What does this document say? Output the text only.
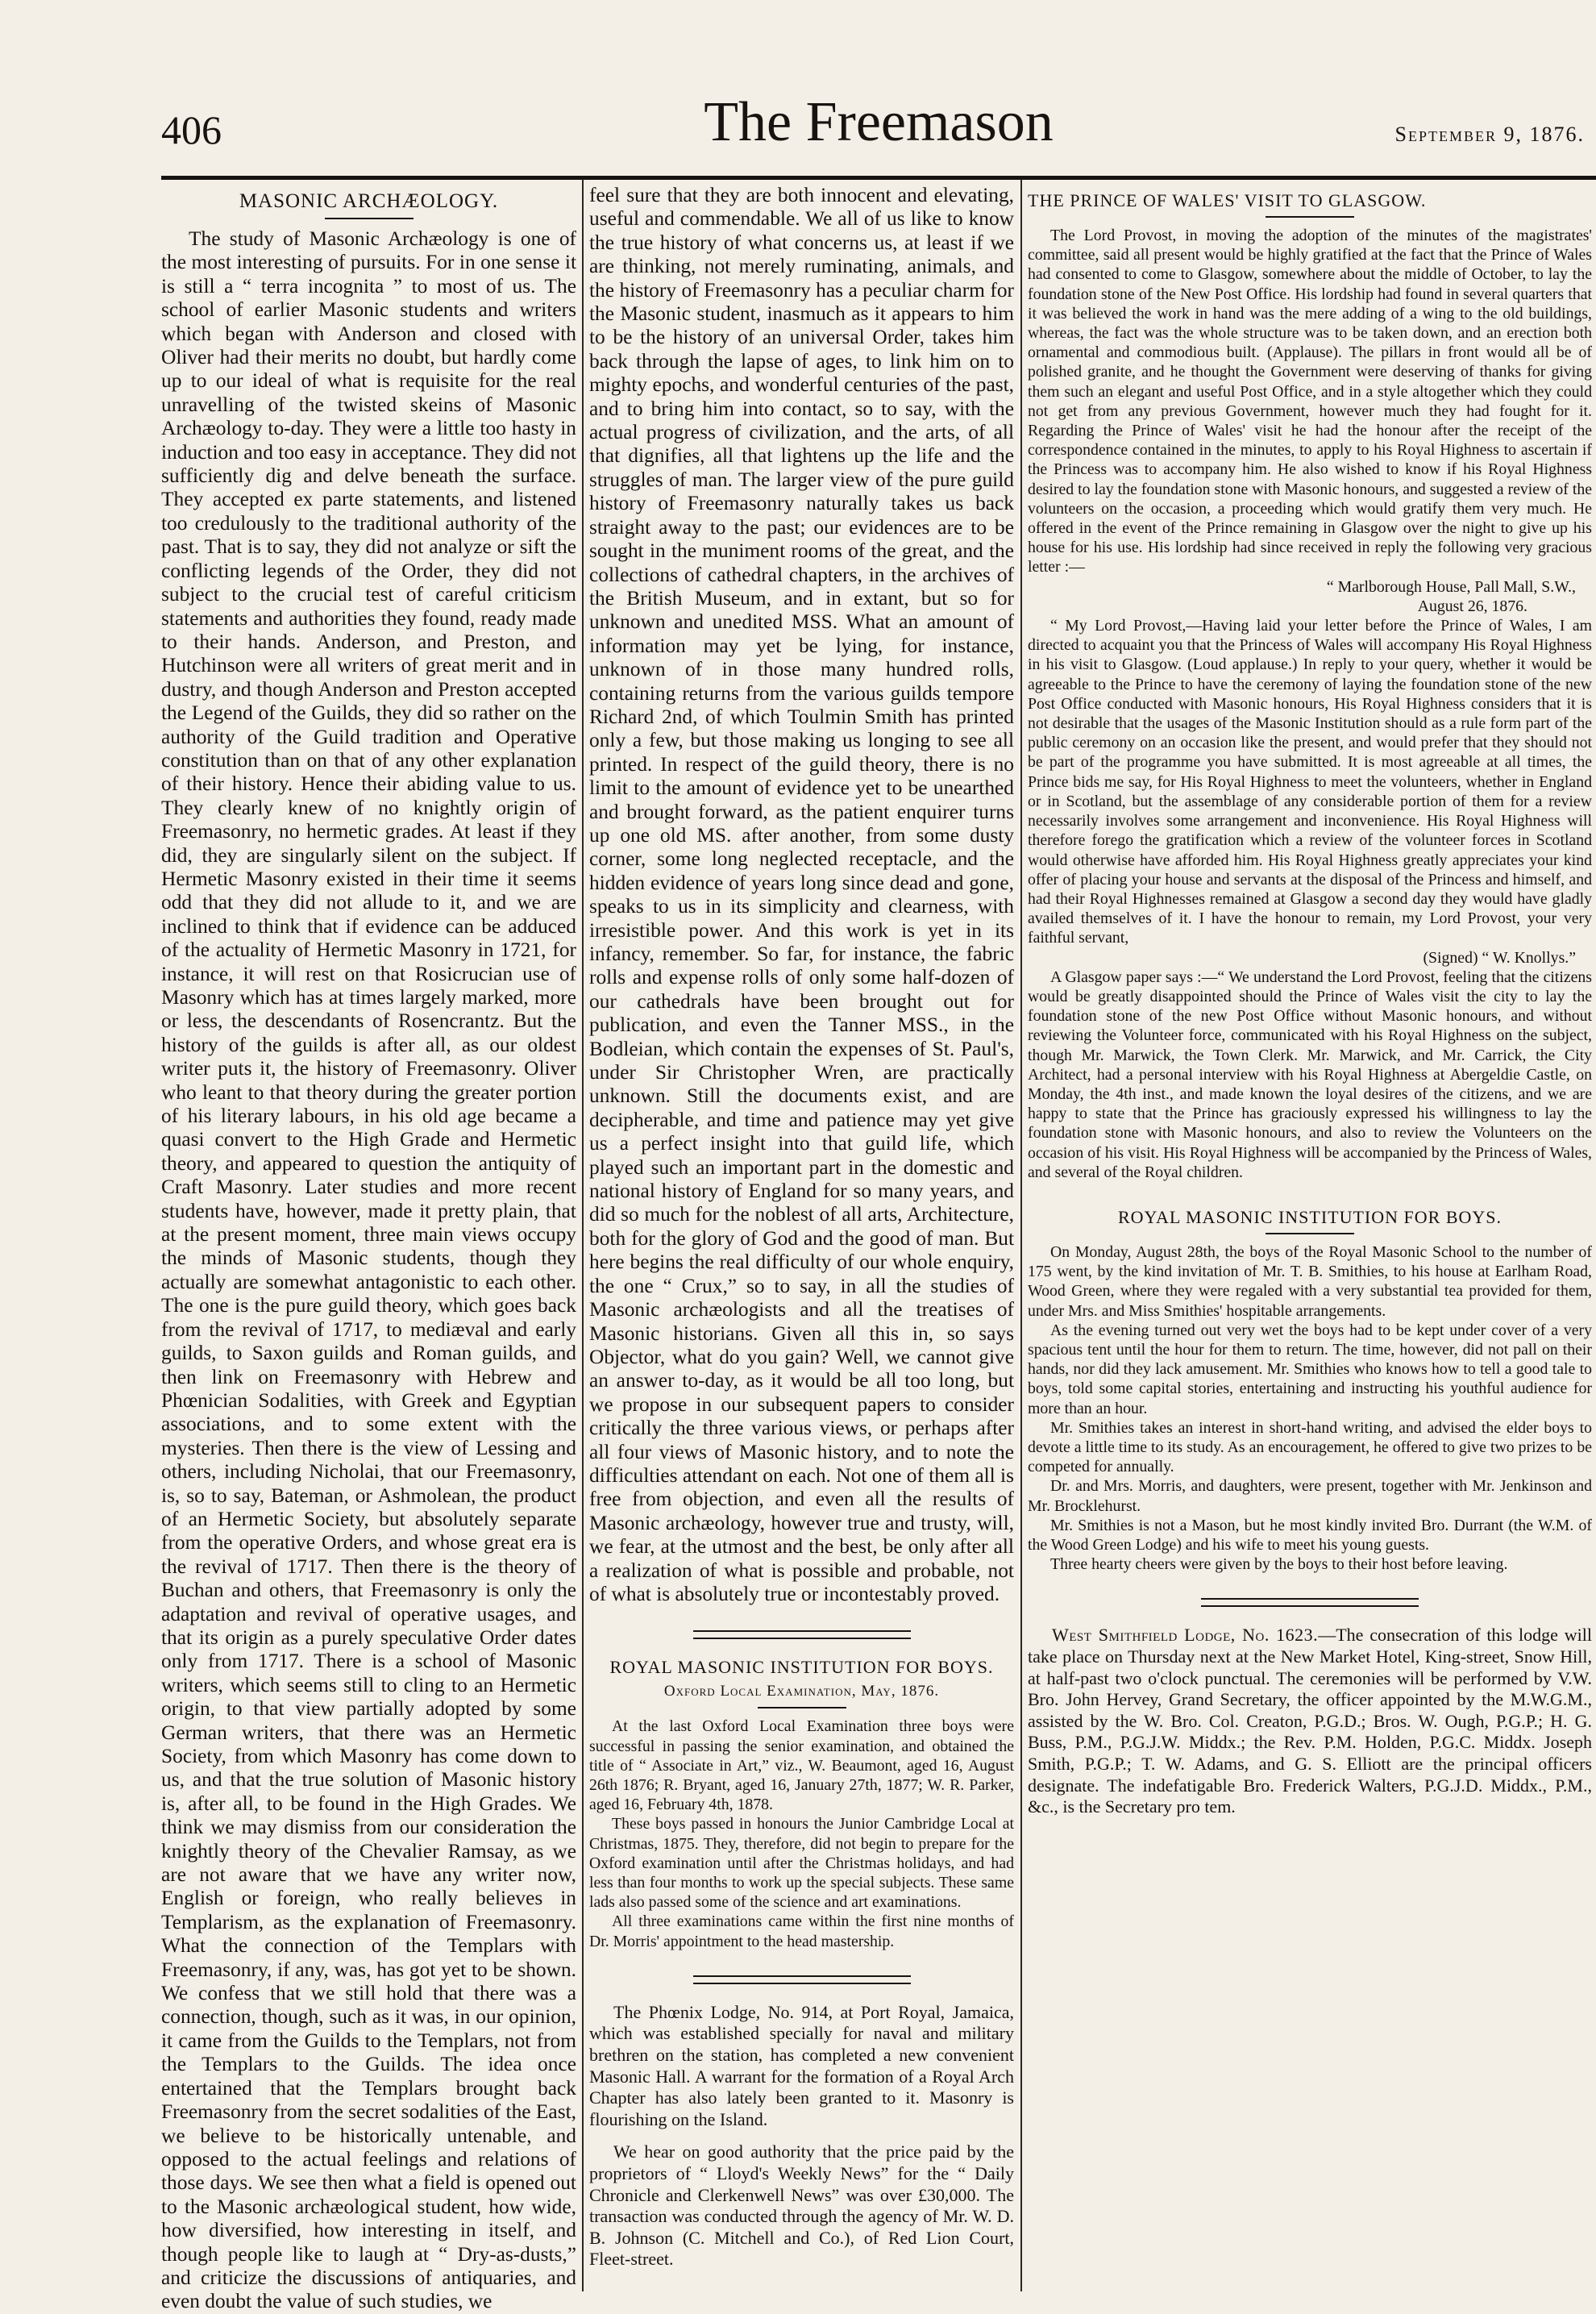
406	The Freemason	September 9, 1876.
MASONIC ARCHÆOLOGY.

The study of Masonic Archæology is one of the most interesting of pursuits. For in one sense it is still a “ terra incognita ” to most of us. The school of earlier Masonic students and writers which began with Anderson and closed with Oliver had their merits no doubt, but hardly come up to our ideal of what is requisite for the real unravelling of the twisted skeins of Masonic Archæology to-day. They were a little too hasty in induction and too easy in acceptance. They did not sufficiently dig and delve beneath the surface. They accepted ex parte statements, and listened too credulously to the traditional authority of the past. That is to say, they did not analyze or sift the conflicting legends of the Order, they did not subject to the crucial test of careful criticism statements and authorities they found, ready made to their hands. Anderson, and Preston, and Hutchinson were all writers of great merit and in dustry, and though Anderson and Preston accepted the Legend of the Guilds, they did so rather on the authority of the Guild tradition and Operative constitution than on that of any other explanation of their history. Hence their abiding value to us. They clearly knew of no knightly origin of Freemasonry, no hermetic grades. At least if they did, they are singularly silent on the subject. If Hermetic Masonry existed in their time it seems odd that they did not allude to it, and we are inclined to think that if evidence can be adduced of the actuality of Hermetic Masonry in 1721, for instance, it will rest on that Rosicrucian use of Masonry which has at times largely marked, more or less, the descendants of Rosencrantz. But the history of the guilds is after all, as our oldest writer puts it, the history of Freemasonry. Oliver who leant to that theory during the greater portion of his literary labours, in his old age became a quasi convert to the High Grade and Hermetic theory, and appeared to question the antiquity of Craft Masonry. Later studies and more recent students have, however, made it pretty plain, that at the present moment, three main views occupy the minds of Masonic students, though they actually are somewhat antagonistic to each other. The one is the pure guild theory, which goes back from the revival of 1717, to mediæval and early guilds, to Saxon guilds and Roman guilds, and then link on Freemasonry with Hebrew and Phœnician Sodalities, with Greek and Egyptian associations, and to some extent with the mysteries. Then there is the view of Lessing and others, including Nicholai, that our Freemasonry, is, so to say, Bateman, or Ashmolean, the product of an Hermetic Society, but absolutely separate from the operative Orders, and whose great era is the revival of 1717. Then there is the theory of Buchan and others, that Freemasonry is only the adaptation and revival of operative usages, and that its origin as a purely speculative Order dates only from 1717. There is a school of Masonic writers, which seems still to cling to an Hermetic origin, to that view partially adopted by some German writers, that there was an Hermetic Society, from which Masonry has come down to us, and that the true solution of Masonic history is, after all, to be found in the High Grades. We think we may dismiss from our consideration the knightly theory of the Chevalier Ramsay, as we are not aware that we have any writer now, English or foreign, who really believes in Templarism, as the explanation of Freemasonry. What the connection of the Templars with Freemasonry, if any, was, has got yet to be shown. We confess that we still hold that there was a connection, though, such as it was, in our opinion, it came from the Guilds to the Templars, not from the Templars to the Guilds. The idea once entertained that the Templars brought back Freemasonry from the secret sodalities of the East, we believe to be historically untenable, and opposed to the actual feelings and relations of those days. We see then what a field is opened out to the Masonic archæological student, how wide, how diversified, how interesting in itself, and though people like to laugh at “ Dry-as-dusts,” and criticize the discussions of antiquaries, and even doubt the value of such studies, we

feel sure that they are both innocent and elevating, useful and commendable. We all of us like to know the true history of what concerns us, at least if we are thinking, not merely ruminating, animals, and the history of Freemasonry has a peculiar charm for the Masonic student, inasmuch as it appears to him to be the history of an universal Order, takes him back through the lapse of ages, to link him on to mighty epochs, and wonderful centuries of the past, and to bring him into contact, so to say, with the actual progress of civilization, and the arts, of all that dignifies, all that lightens up the life and the struggles of man. The larger view of the pure guild history of Freemasonry naturally takes us back straight away to the past; our evidences are to be sought in the muniment rooms of the great, and the collections of cathedral chapters, in the archives of the British Museum, and in extant, but so for unknown and unedited MSS. What an amount of information may yet be lying, for instance, unknown of in those many hundred rolls, containing returns from the various guilds tempore Richard 2nd, of which Toulmin Smith has printed only a few, but those making us longing to see all printed. In respect of the guild theory, there is no limit to the amount of evidence yet to be unearthed and brought forward, as the patient enquirer turns up one old MS. after another, from some dusty corner, some long neglected receptacle, and the hidden evidence of years long since dead and gone, speaks to us in its simplicity and clearness, with irresistible power. And this work is yet in its infancy, remember. So far, for instance, the fabric rolls and expense rolls of only some half-dozen of our cathedrals have been brought out for publication, and even the Tanner MSS., in the Bodleian, which contain the expenses of St. Paul's, under Sir Christopher Wren, are practically unknown. Still the documents exist, and are decipherable, and time and patience may yet give us a perfect insight into that guild life, which played such an important part in the domestic and national history of England for so many years, and did so much for the noblest of all arts, Architecture, both for the glory of God and the good of man. But here begins the real difficulty of our whole enquiry, the one “ Crux,” so to say, in all the studies of Masonic archæologists and all the treatises of Masonic historians. Given all this in, so says Objector, what do you gain? Well, we cannot give an answer to-day, as it would be all too long, but we propose in our subsequent papers to consider critically the three various views, or perhaps after all four views of Masonic history, and to note the difficulties attendant on each. Not one of them all is free from objection, and even all the results of Masonic archæology, however true and trusty, will, we fear, at the utmost and the best, be only after all a realization of what is possible and probable, not of what is absolutely true or incontestably proved.

ROYAL MASONIC INSTITUTION FOR BOYS.
Oxford Local Examination, May, 1876.

At the last Oxford Local Examination three boys were successful in passing the senior examination, and obtained the title of “ Associate in Art,” viz., W. Beaumont, aged 16, August 26th 1876; R. Bryant, aged 16, January 27th, 1877; W. R. Parker, aged 16, February 4th, 1878.

These boys passed in honours the Junior Cambridge Local at Christmas, 1875. They, therefore, did not begin to prepare for the Oxford examination until after the Christmas holidays, and had less than four months to work up the special subjects. These same lads also passed some of the science and art examinations.

All three examinations came within the first nine months of Dr. Morris' appointment to the head mastership.

The Phœnix Lodge, No. 914, at Port Royal, Jamaica, which was established specially for naval and military brethren on the station, has completed a new convenient Masonic Hall. A warrant for the formation of a Royal Arch Chapter has also lately been granted to it. Masonry is flourishing on the Island.

We hear on good authority that the price paid by the proprietors of “ Lloyd's Weekly News” for the “ Daily Chronicle and Clerkenwell News” was over £30,000. The transaction was conducted through the agency of Mr. W. D. B. Johnson (C. Mitchell and Co.), of Red Lion Court, Fleet-street.

THE PRINCE OF WALES' VISIT TO GLASGOW.

The Lord Provost, in moving the adoption of the minutes of the magistrates' committee, said all present would be highly gratified at the fact that the Prince of Wales had consented to come to Glasgow, somewhere about the middle of October, to lay the foundation stone of the New Post Office. His lordship had found in several quarters that it was believed the work in hand was the mere adding of a wing to the old buildings, whereas, the fact was the whole structure was to be taken down, and an erection both ornamental and commodious built. (Applause). The pillars in front would all be of polished granite, and he thought the Government were deserving of thanks for giving them such an elegant and useful Post Office, and in a style altogether which they could not get from any previous Government, however much they had fought for it. Regarding the Prince of Wales' visit he had the honour after the receipt of the correspondence contained in the minutes, to apply to his Royal Highness to ascertain if the Princess was to accompany him. He also wished to know if his Royal Highness desired to lay the foundation stone with Masonic honours, and suggested a review of the volunteers on the occasion, a proceeding which would gratify them very much. He offered in the event of the Prince remaining in Glasgow over the night to give up his house for his use. His lordship had since received in reply the following very gracious letter :—

“ Marlborough House, Pall Mall, S.W.,

August 26, 1876.

“ My Lord Provost,—Having laid your letter before the Prince of Wales, I am directed to acquaint you that the Princess of Wales will accompany His Royal Highness in his visit to Glasgow. (Loud applause.) In reply to your query, whether it would be agreeable to the Prince to have the ceremony of laying the foundation stone of the new Post Office conducted with Masonic honours, His Royal Highness considers that it is not desirable that the usages of the Masonic Institution should as a rule form part of the public ceremony on an occasion like the present, and would prefer that they should not be part of the programme you have submitted. It is most agreeable at all times, the Prince bids me say, for His Royal Highness to meet the volunteers, whether in England or in Scotland, but the assemblage of any considerable portion of them for a review necessarily involves some arrangement and inconvenience. His Royal Highness will therefore forego the gratification which a review of the volunteer forces in Scotland would otherwise have afforded him. His Royal Highness greatly appreciates your kind offer of placing your house and servants at the disposal of the Princess and himself, and had their Royal Highnesses remained at Glasgow a second day they would have gladly availed themselves of it. I have the honour to remain, my Lord Provost, your very faithful servant,

(Signed) “ W. Knollys.”

A Glasgow paper says :—“ We understand the Lord Provost, feeling that the citizens would be greatly disappointed should the Prince of Wales visit the city to lay the foundation stone of the new Post Office without Masonic honours, and without reviewing the Volunteer force, communicated with his Royal Highness on the subject, though Mr. Marwick, the Town Clerk. Mr. Marwick, and Mr. Carrick, the City Architect, had a personal interview with his Royal Highness at Abergeldie Castle, on Monday, the 4th inst., and made known the loyal desires of the citizens, and we are happy to state that the Prince has graciously expressed his willingness to lay the foundation stone with Masonic honours, and also to review the Volunteers on the occasion of his visit. His Royal Highness will be accompanied by the Princess of Wales, and several of the Royal children.

ROYAL MASONIC INSTITUTION FOR BOYS.

On Monday, August 28th, the boys of the Royal Masonic School to the number of 175 went, by the kind invitation of Mr. T. B. Smithies, to his house at Earlham Road, Wood Green, where they were regaled with a very substantial tea provided for them, under Mrs. and Miss Smithies' hospitable arrangements.

As the evening turned out very wet the boys had to be kept under cover of a very spacious tent until the hour for them to return. The time, however, did not pall on their hands, nor did they lack amusement. Mr. Smithies who knows how to tell a good tale to boys, told some capital stories, entertaining and instructing his youthful audience for more than an hour.

Mr. Smithies takes an interest in short-hand writing, and advised the elder boys to devote a little time to its study. As an encouragement, he offered to give two prizes to be competed for annually.

Dr. and Mrs. Morris, and daughters, were present, together with Mr. Jenkinson and Mr. Brocklehurst.

Mr. Smithies is not a Mason, but he most kindly invited Bro. Durrant (the W.M. of the Wood Green Lodge) and his wife to meet his young guests.

Three hearty cheers were given by the boys to their host before leaving.

West Smithfield Lodge, No. 1623.—The consecration of this lodge will take place on Thursday next at the New Market Hotel, King-street, Snow Hill, at half-past two o'clock punctual. The ceremonies will be performed by V.W. Bro. John Hervey, Grand Secretary, the officer appointed by the M.W.G.M., assisted by the W. Bro. Col. Creaton, P.G.D.; Bros. W. Ough, P.G.P.; H. G. Buss, P.M., P.G.J.W. Middx.; the Rev. P.M. Holden, P.G.C. Middx. Joseph Smith, P.G.P.; T. W. Adams, and G. S. Elliott are the principal officers designate. The indefatigable Bro. Frederick Walters, P.G.J.D. Middx., P.M., &c., is the Secretary pro tem.
